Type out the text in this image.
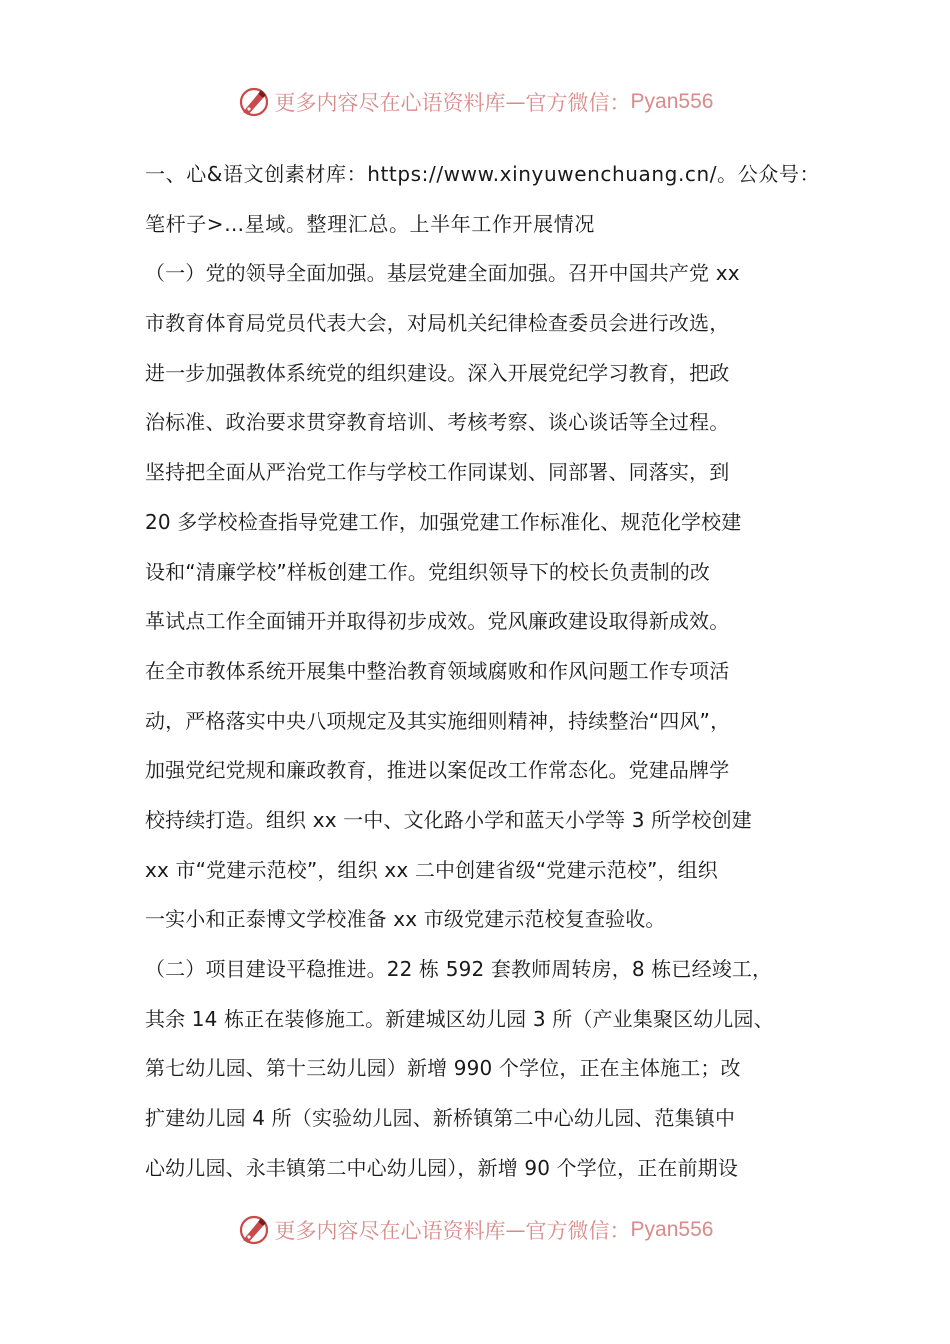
更多内容尽在心语资料库 — 官方微信： Pyan556
一、心&语文创素材库：https://www.xinyuwenchuang.cn/。公众号：
笔杆子>…星域。整理汇总。上半年工作开展情况
（一）党的领导全面加强。基层党建全面加强。召开中国共产党 xx
市教育体育局党员代表大会，对局机关纪律检查委员会进行改选，
进一步加强教体系统党的组织建设。深入开展党纪学习教育，把政
治标准、政治要求贯穿教育培训、考核考察、谈心谈话等全过程。
坚持把全面从严治党工作与学校工作同谋划、同部署、同落实，到
20 多学校检查指导党建工作，加强党建工作标准化、规范化学校建
设和“清廉学校”样板创建工作。党组织领导下的校长负责制的改
革试点工作全面铺开并取得初步成效。党风廉政建设取得新成效。
在全市教体系统开展集中整治教育领域腐败和作风问题工作专项活
动，严格落实中央八项规定及其实施细则精神，持续整治“四风”，
加强党纪党规和廉政教育，推进以案促改工作常态化。党建品牌学
校持续打造。组织 xx 一中、文化路小学和蓝天小学等 3 所学校创建
xx 市“党建示范校”，组织 xx 二中创建省级“党建示范校”，组织
一实小和正泰博文学校准备 xx 市级党建示范校复查验收。
（二）项目建设平稳推进。22 栋 592 套教师周转房，8 栋已经竣工，
其余 14 栋正在装修施工。新建城区幼儿园 3 所（产业集聚区幼儿园、
第七幼儿园、第十三幼儿园）新增 990 个学位，正在主体施工；改
扩建幼儿园 4 所（实验幼儿园、新桥镇第二中心幼儿园、范集镇中
心幼儿园、永丰镇第二中心幼儿园），新增 90 个学位，正在前期设
更多内容尽在心语资料库 — 官方微信： Pyan556
